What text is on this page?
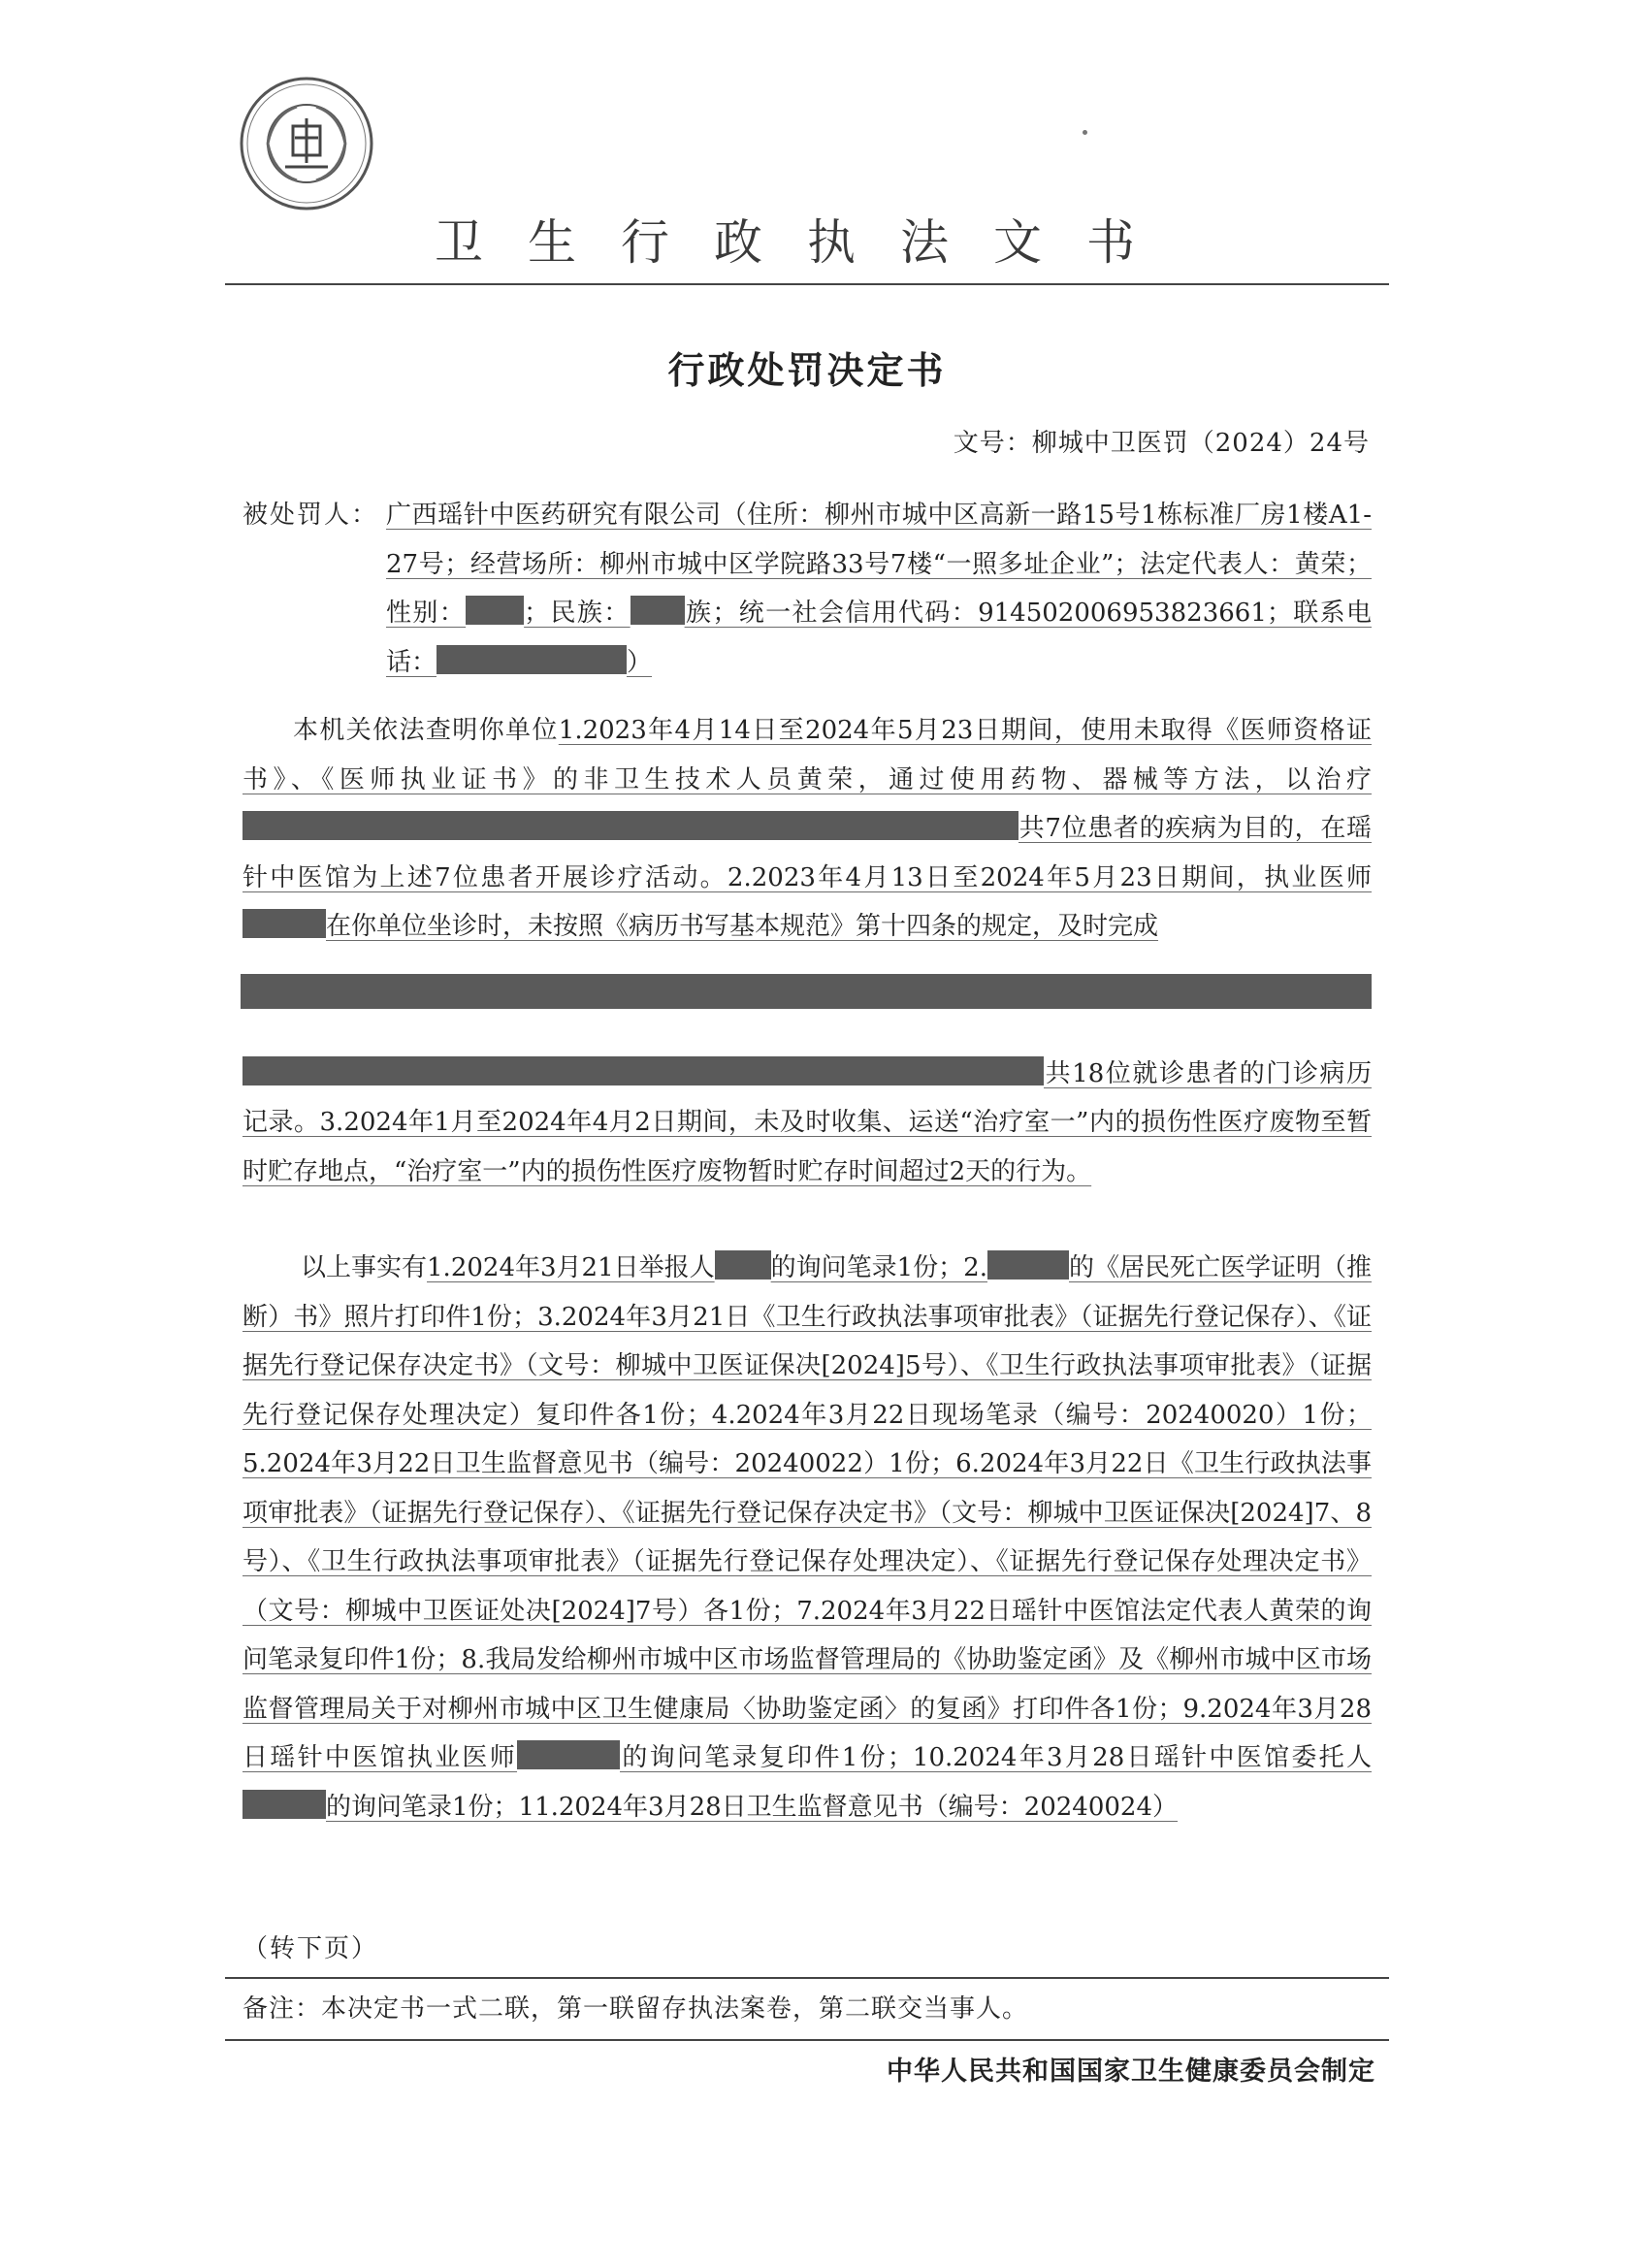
卫生行政执法文书
行政处罚决定书
文号：柳城中卫医罚（2024）24号
被处罚人： 广西瑶针中医药研究有限公司（住所：柳州市城中区高新一路15号1栋标准厂房1楼A1-27号；经营场所：柳州市城中区学院路33号7楼“一照多址企业”；法定代表人：黄荣；性别： ；民族： 族；统一社会信用代码：91450200695382366​1；联系电话：	）

本机关依法查明你单位1.2023年4月14日至2024年5月23日期间，使用未取得《医师资格证书》、《医师执业证书》的非卫生技术人员黄荣，通过使用药物、器械等方法，以治疗共7位患者的疾病为目的，在瑶针中医馆为上述7位患者开展诊疗活动。2.2023年4月13日至2024年5月23日期间，执业医师在你单位坐诊时，未按照《病历书写基本规范》第十四条的规定，及时完成
共18位就诊患者的门诊病历记录。3.2024年1月至2024年4月2日期间，未及时收集、运送“治疗室一”内的损伤性医疗废物至暂时贮存地点，“治疗室一”内的损伤性医疗废物暂时贮存时间超过2天的行为。

以上事实有1.2024年3月21日举报人 的询问笔录1份；2.	的《居民死亡医学证明（推断）书》照片打印件1份；3.2024年3月21日《卫生行政执法事项审批表》（证据先行登记保存）、《证据先行登记保存决定书》（文号：柳城中卫医证保决[2024]5号）、《卫生行政执法事项审批表》（证据先行登记保存处理决定）复印件各1份；4.2024年3月22日现场笔录（编号：20240020）1份；5.2024年3月22日卫生监督意见书（编号：20240022）1份；6.2024年3月22日《卫生行政执法事项审批表》（证据先行登记保存）、《证据先行登记保存决定书》（文号：柳城中卫医证保决[2024]7、8号）、《卫生行政执法事项审批表》（证据先行登记保存处理决定）、《证据先行登记保存处理决定书》（文号：柳城中卫医证处决[2024]7号）各1份；7.2024年3月22日瑶针中医馆法定代表人黄荣的询问笔录复印件1份；8.我局发给柳州市城中区市场监督管理局的《协助鉴定函》及《柳州市城中区市场监督管理局关于对柳州市城中区卫生健康局〈协助鉴定函〉的复函》打印件各1份；9.2024年3月28日瑶针中医馆执业医师	的询问笔录复印件1份；10.2024年3月28日瑶针中医馆委托人的询问笔录1份；11.2024年3月28日卫生监督意见书（编号：20240024）

（转下页）
备注：本决定书一式二联，第一联留存执法案卷，第二联交当事人。
中华人民共和国国家卫生健康委员会制定
